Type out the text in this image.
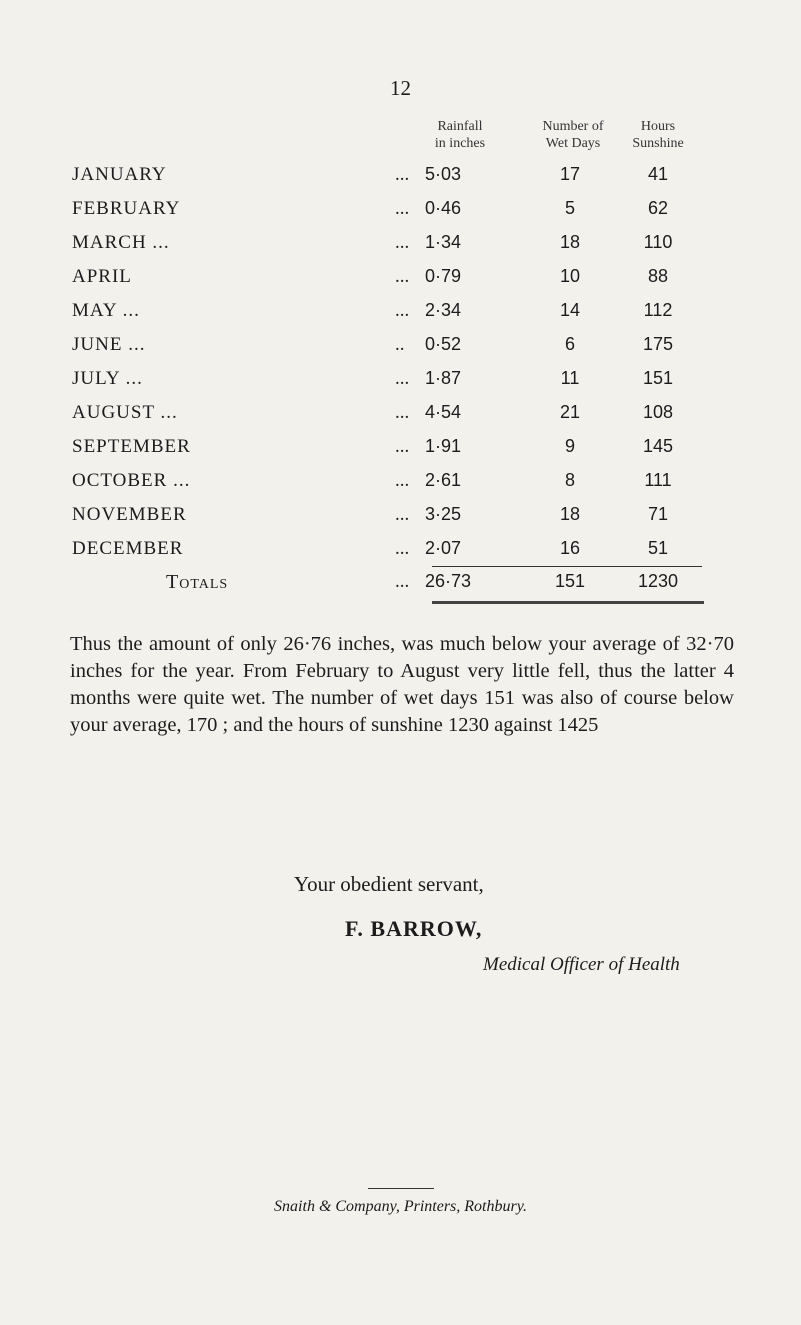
12
Rainfall
in inches
Number of
Wet Days
Hours
Sunshine
JANUARY	... 5·03	17	41
FEBRUARY	... 0·46	5	62
MARCH ...	... 1·34	18	110
APRIL	... 0·79	10	88
MAY ...	... 2·34	14	112
JUNE ...	.. 0·52	6	175
JULY ...	... 1·87	11	151
AUGUST ...	... 4·54	21	108
SEPTEMBER	... 1·91	9	145
OCTOBER ...	... 2·61	8	111
NOVEMBER	... 3·25	18	71
DECEMBER	... 2·07	16	51
Totals	... 26·73	151	1230
Thus the amount of only 26·76 inches, was much below your average of 32·70 inches for the year. From February to August very little fell, thus the latter 4 months were quite wet. The number of wet days 151 was also of course below your average, 170 ; and the hours of sunshine 1230 against 1425
Your obedient servant,
F. BARROW,
Medical Officer of Health
Snaith & Company, Printers, Rothbury.
